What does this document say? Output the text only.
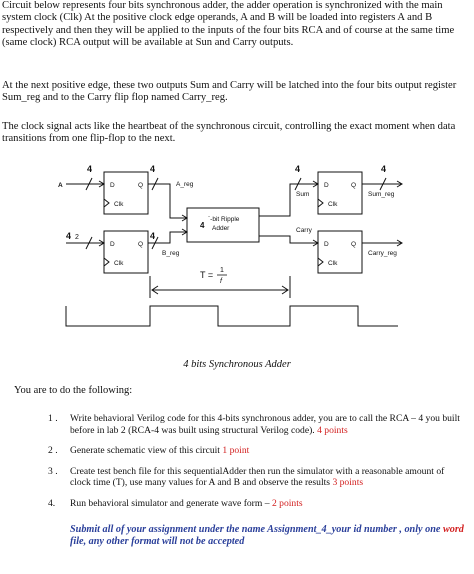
Circuit below represents four bits synchronous adder, the adder operation is synchronized with the main system clock (Clk) At the positive clock edge operands, A and B will be loaded into registers A and B respectively and then they will be applied to the inputs of the four bits RCA and of course at the same time (same clock) RCA output will be available at Sun and Carry outputs.
At the next positive edge, these two outputs Sum and Carry will be latched into the four bits output register Sum_reg and to the Carry flip flop named Carry_reg.
The clock signal acts like the heartbeat of the synchronous circuit, controlling the exact moment when data transitions from one flip-flop to the next.
A
4
4 2
4
4
4	4
D	Q
Clk
A_reg
D	Q
Clk
B_reg
`-bit Ripple
Adder
4
Sum
Carry
D	Q
Clk
Sum_reg
D	Q
Clk
Carry_reg
T = 1
f
4 bits Synchronous Adder
You are to do the following:
1 . Write behavioral Verilog code for this 4-bits synchronous adder, you are to call the RCA – 4 you built before in lab 2 (RCA-4 was built using structural Verilog code). 4 points
2 . Generate schematic view of this circuit 1 point
3 . Create test bench file for this sequentialAdder then run the simulator with a reasonable amount of clock time (T), use many values for A and B and observe the results 3 points
4. Run behavioral simulator and generate wave form – 2 points
Submit all of your assignment under the name Assignment_4_your id number , only one word file, any other format will not be accepted
